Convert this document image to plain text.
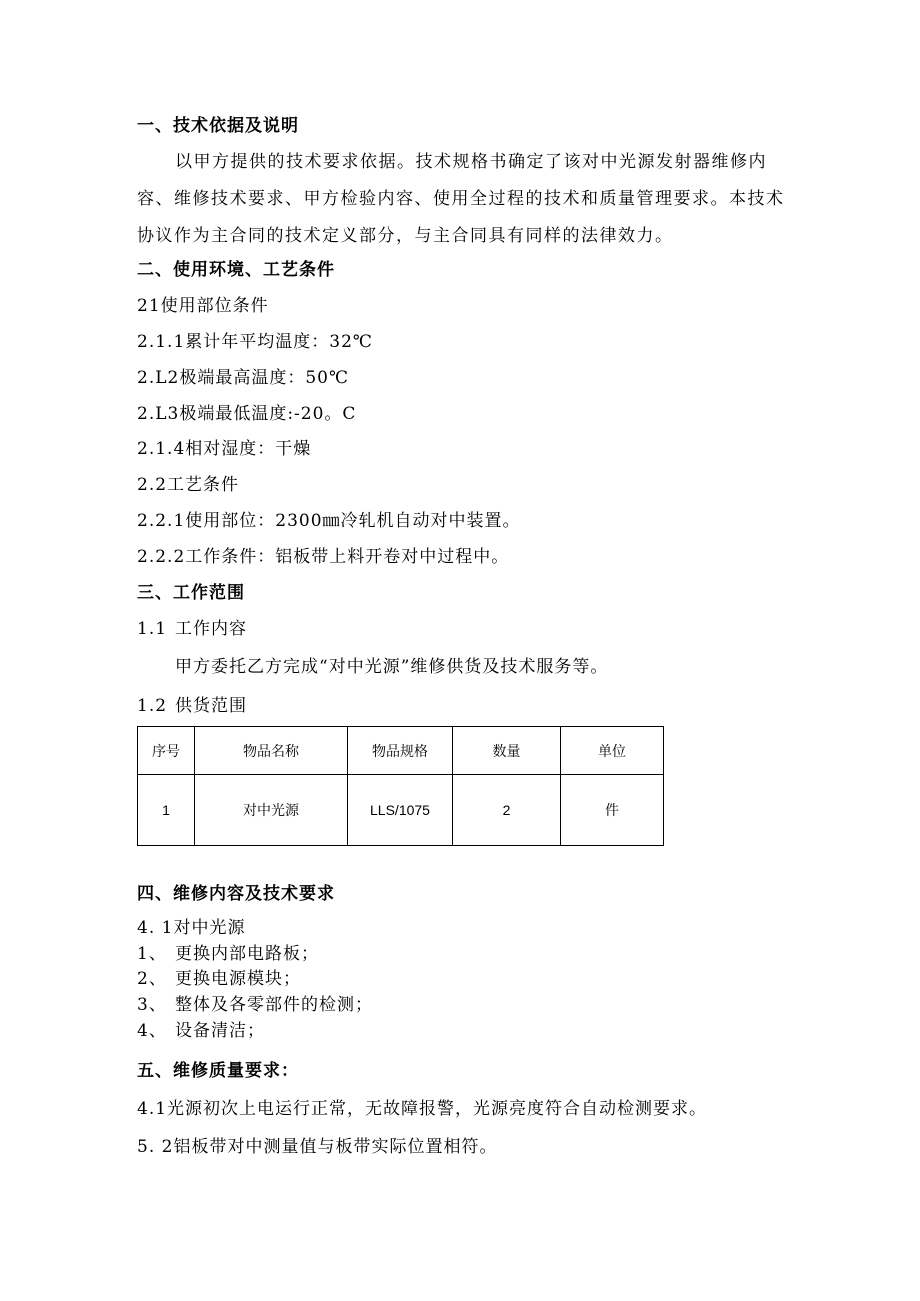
一、技术依据及说明
以甲方提供的技术要求依据。技术规格书确定了该对中光源发射器维修内容、维修技术要求、甲方检验内容、使用全过程的技术和质量管理要求。本技术协议作为主合同的技术定义部分，与主合同具有同样的法律效力。
二、使用环境、工艺条件
21使用部位条件
2.1.1累计年平均温度：32℃
2.L2极端最高温度：50℃
2.L3极端最低温度:-20。C
2.1.4相对湿度：干燥
2.2工艺条件
2.2.1使用部位：2300㎜冷轧机自动对中装置。
2.2.2工作条件：铝板带上料开卷对中过程中。
三、工作范围
1.1 工作内容
甲方委托乙方完成“对中光源”维修供货及技术服务等。
1.2 供货范围
序号	物品名称	物品规格	数量	单位
1	对中光源	LLS/1075	2	件
四、维修内容及技术要求
4. 1对中光源
1、 更换内部电路板；
2、 更换电源模块；
3、 整体及各零部件的检测；
4、 设备清洁；
五、维修质量要求：
4.1光源初次上电运行正常，无故障报警，光源亮度符合自动检测要求。
5. 2铝板带对中测量值与板带实际位置相符。
